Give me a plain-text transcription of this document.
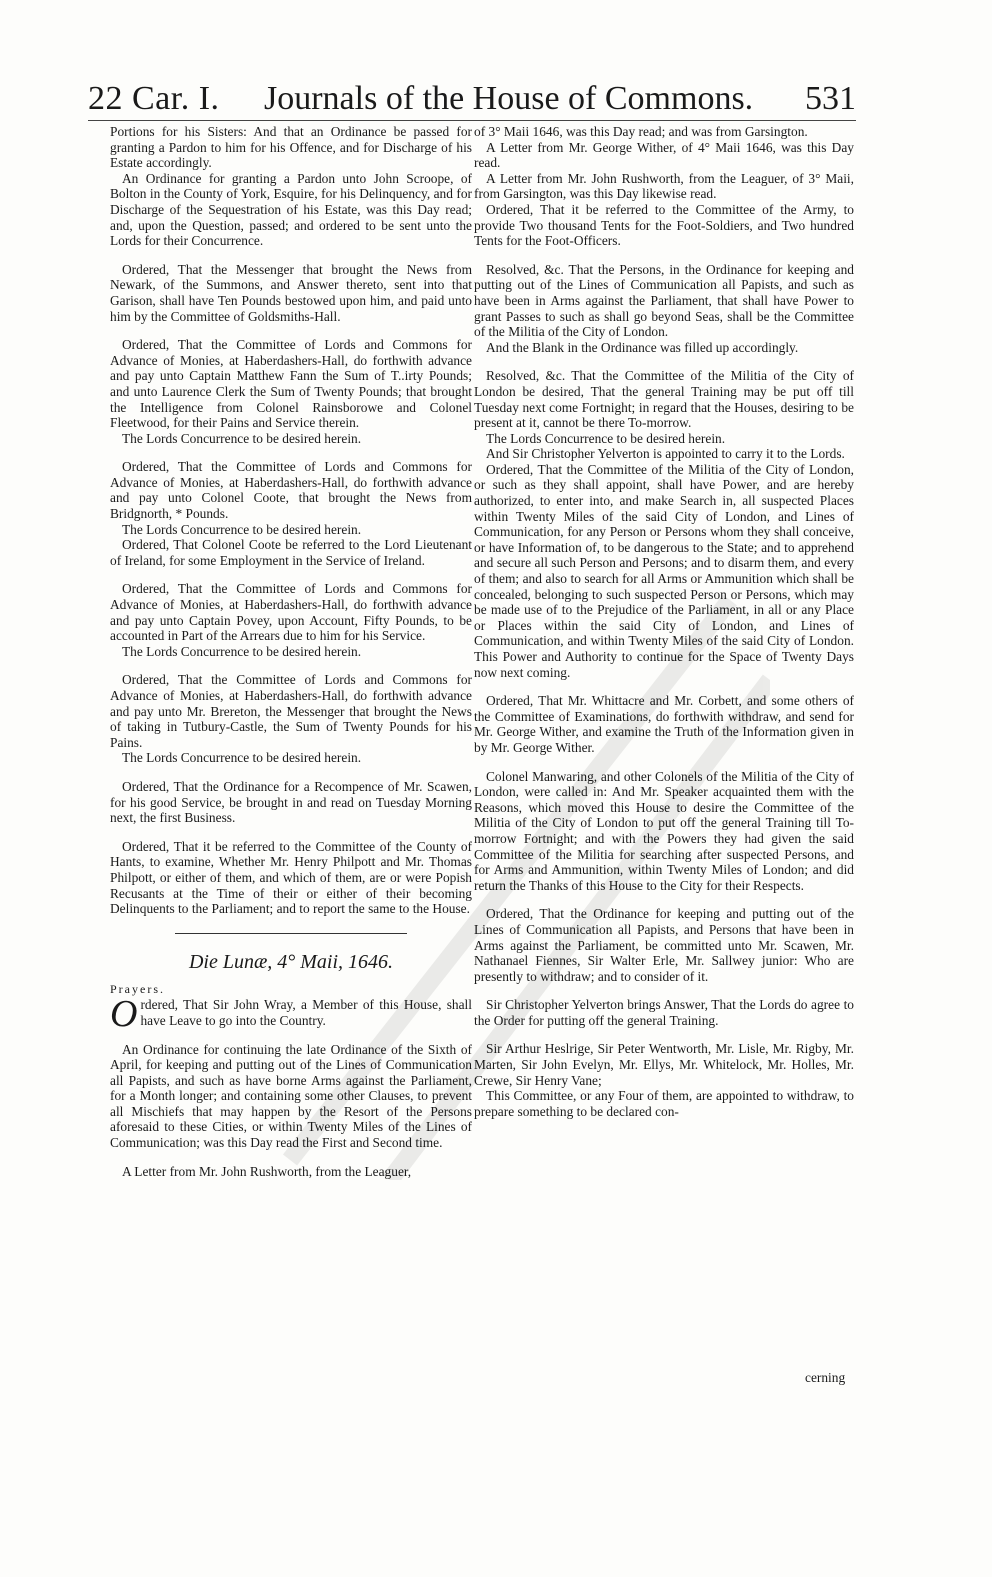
22 Car. I. Journals of the House of Commons. 531

Portions for his Sisters: And that an Ordinance be passed for granting a Pardon to him for his Offence, and for Discharge of his Estate accordingly.

An Ordinance for granting a Pardon unto John Scroope, of Bolton in the County of York, Esquire, for his Delinquency, and for Discharge of the Sequestration of his Estate, was this Day read; and, upon the Question, passed; and ordered to be sent unto the Lords for their Concurrence.

Ordered, That the Messenger that brought the News from Newark, of the Summons, and Answer thereto, sent into that Garison, shall have Ten Pounds bestowed upon him, and paid unto him by the Committee of Goldsmiths-Hall.

Ordered, That the Committee of Lords and Commons for Advance of Monies, at Haberdashers-Hall, do forthwith advance and pay unto Captain Matthew Fann the Sum of T..irty Pounds; and unto Laurence Clerk the Sum of Twenty Pounds; that brought the Intelligence from Colonel Rainsborowe and Colonel Fleetwood, for their Pains and Service therein.

The Lords Concurrence to be desired herein.

Ordered, That the Committee of Lords and Commons for Advance of Monies, at Haberdashers-Hall, do forthwith advance and pay unto Colonel Coote, that brought the News from Bridgnorth, * Pounds.

The Lords Concurrence to be desired herein.

Ordered, That Colonel Coote be referred to the Lord Lieutenant of Ireland, for some Employment in the Service of Ireland.

Ordered, That the Committee of Lords and Commons for Advance of Monies, at Haberdashers-Hall, do forthwith advance and pay unto Captain Povey, upon Account, Fifty Pounds, to be accounted in Part of the Arrears due to him for his Service.

The Lords Concurrence to be desired herein.

Ordered, That the Committee of Lords and Commons for Advance of Monies, at Haberdashers-Hall, do forthwith advance and pay unto Mr. Brereton, the Messenger that brought the News of taking in Tutbury-Castle, the Sum of Twenty Pounds for his Pains.

The Lords Concurrence to be desired herein.

Ordered, That the Ordinance for a Recompence of Mr. Scawen, for his good Service, be brought in and read on Tuesday Morning next, the first Business.

Ordered, That it be referred to the Committee of the County of Hants, to examine, Whether Mr. Henry Philpott and Mr. Thomas Philpott, or either of them, and which of them, are or were Popish Recusants at the Time of their or either of their becoming Delinquents to the Parliament; and to report the same to the House.

Die Lunæ, 4° Maii, 1646.

Prayers.

Ordered, That Sir John Wray, a Member of this House, shall have Leave to go into the Country.

An Ordinance for continuing the late Ordinance of the Sixth of April, for keeping and putting out of the Lines of Communication all Papists, and such as have borne Arms against the Parliament, for a Month longer; and containing some other Clauses, to prevent all Mischiefs that may happen by the Resort of the Persons aforesaid to these Cities, or within Twenty Miles of the Lines of Communication; was this Day read the First and Second time.

A Letter from Mr. John Rushworth, from the Leaguer,

of 3° Maii 1646, was this Day read; and was from Garsington.

A Letter from Mr. George Wither, of 4° Maii 1646, was this Day read.

A Letter from Mr. John Rushworth, from the Leaguer, of 3° Maii, from Garsington, was this Day likewise read.

Ordered, That it be referred to the Committee of the Army, to provide Two thousand Tents for the Foot-Soldiers, and Two hundred Tents for the Foot-Officers.

Resolved, &c. That the Persons, in the Ordinance for keeping and putting out of the Lines of Communication all Papists, and such as have been in Arms against the Parliament, that shall have Power to grant Passes to such as shall go beyond Seas, shall be the Committee of the Militia of the City of London.

And the Blank in the Ordinance was filled up accordingly.

Resolved, &c. That the Committee of the Militia of the City of London be desired, That the general Training may be put off till Tuesday next come Fortnight; in regard that the Houses, desiring to be present at it, cannot be there To-morrow.

The Lords Concurrence to be desired herein.

And Sir Christopher Yelverton is appointed to carry it to the Lords.

Ordered, That the Committee of the Militia of the City of London, or such as they shall appoint, shall have Power, and are hereby authorized, to enter into, and make Search in, all suspected Places within Twenty Miles of the said City of London, and Lines of Communication, for any Person or Persons whom they shall conceive, or have Information of, to be dangerous to the State; and to apprehend and secure all such Person and Persons; and to disarm them, and every of them; and also to search for all Arms or Ammunition which shall be concealed, belonging to such suspected Person or Persons, which may be made use of to the Prejudice of the Parliament, in all or any Place or Places within the said City of London, and Lines of Communication, and within Twenty Miles of the said City of London. This Power and Authority to continue for the Space of Twenty Days now next coming.

Ordered, That Mr. Whittacre and Mr. Corbett, and some others of the Committee of Examinations, do forthwith withdraw, and send for Mr. George Wither, and examine the Truth of the Information given in by Mr. George Wither.

Colonel Manwaring, and other Colonels of the Militia of the City of London, were called in: And Mr. Speaker acquainted them with the Reasons, which moved this House to desire the Committee of the Militia of the City of London to put off the general Training till To-morrow Fortnight; and with the Powers they had given the said Committee of the Militia for searching after suspected Persons, and for Arms and Ammunition, within Twenty Miles of London; and did return the Thanks of this House to the City for their Respects.

Ordered, That the Ordinance for keeping and putting out of the Lines of Communication all Papists, and Persons that have been in Arms against the Parliament, be committed unto Mr. Scawen, Mr. Nathanael Fiennes, Sir Walter Erle, Mr. Sallwey junior: Who are presently to withdraw; and to consider of it.

Sir Christopher Yelverton brings Answer, That the Lords do agree to the Order for putting off the general Training.

Sir Arthur Heslrige, Sir Peter Wentworth, Mr. Lisle, Mr. Rigby, Mr. Marten, Sir John Evelyn, Mr. Ellys, Mr. Whitelock, Mr. Holles, Mr. Crewe, Sir Henry Vane;

This Committee, or any Four of them, are appointed to withdraw, to prepare something to be declared con-

cerning
